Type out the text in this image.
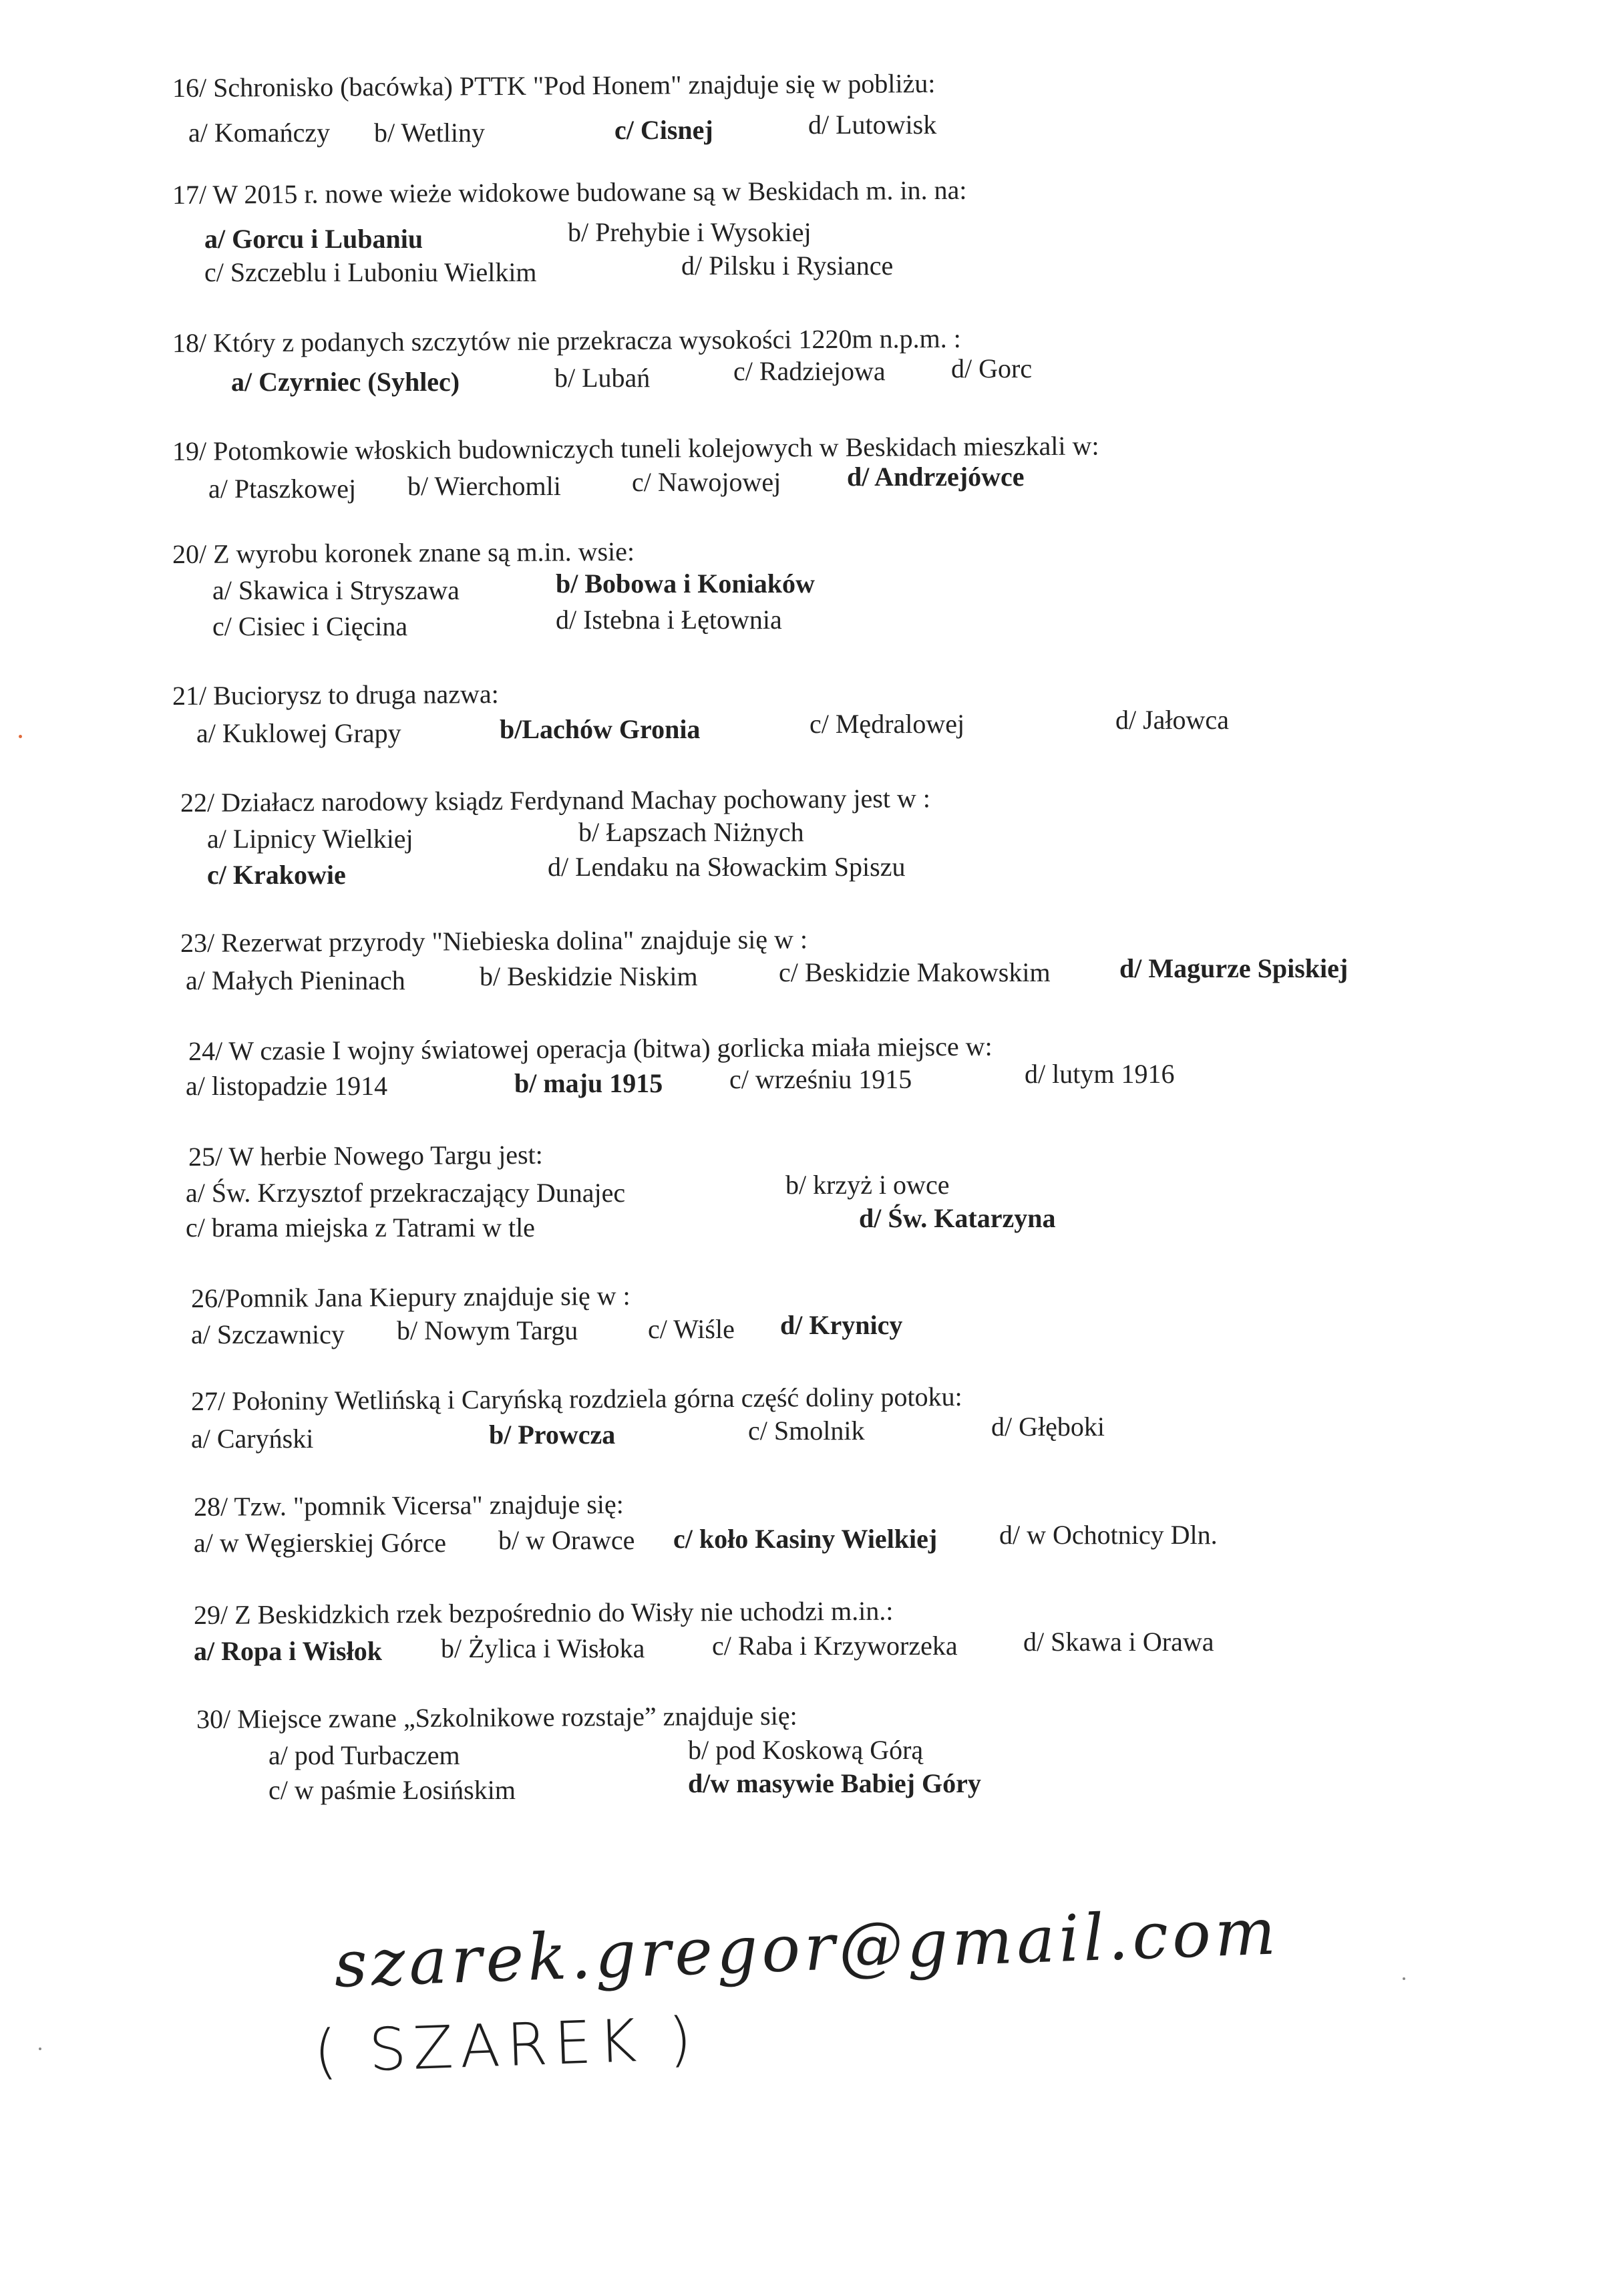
16/ Schronisko (bacówka) PTTK "Pod Honem" znajduje się w pobliżu:
a/ Komańczy b/ Wetliny	c/ Cisnej	d/ Lutowisk
17/ W 2015 r. nowe wieże widokowe budowane są w Beskidach m. in. na:
a/ Gorcu i Lubaniu	b/ Prehybie i Wysokiej
c/ Szczeblu i Luboniu Wielkim	d/ Pilsku i Rysiance
18/ Który z podanych szczytów nie przekracza wysokości 1220m n.p.m. :
a/ Czyrniec (Syhlec)	b/ Lubań	c/ Radziejowa d/ Gorc
19/ Potomkowie włoskich budowniczych tuneli kolejowych w Beskidach mieszkali w:
a/ Ptaszkowej b/ Wierchomli	c/ Nawojowej d/ Andrzejówce
20/ Z wyrobu koronek znane są m.in. wsie:
a/ Skawica i Stryszawa	b/ Bobowa i Koniaków
c/ Cisiec i Cięcina	d/ Istebna i Łętownia
21/ Buciorysz to druga nazwa:
a/ Kuklowej Grapy	b/Lachów Gronia	c/ Mędralowej	d/ Jałowca
22/ Działacz narodowy ksiądz Ferdynand Machay pochowany jest w :
a/ Lipnicy Wielkiej	b/ Łapszach Niżnych
c/ Krakowie	d/ Lendaku na Słowackim Spiszu
23/ Rezerwat przyrody "Niebieska dolina" znajduje się w :
a/ Małych Pieninach	b/ Beskidzie Niskim	c/ Beskidzie Makowskim	d/ Magurze Spiskiej
24/ W czasie I wojny światowej operacja (bitwa) gorlicka miała miejsce w:
a/ listopadzie 1914	b/ maju 1915 c/ wrześniu 1915	d/ lutym 1916
25/ W herbie Nowego Targu jest:
a/ Św. Krzysztof przekraczający Dunajec	b/ krzyż i owce
c/ brama miejska z Tatrami w tle	d/ Św. Katarzyna
26/Pomnik Jana Kiepury znajduje się w :
a/ Szczawnicy b/ Nowym Targu	c/ Wiśle d/ Krynicy
27/ Połoniny Wetlińską i Caryńską rozdziela górna część doliny potoku:
a/ Caryński	b/ Prowcza	c/ Smolnik	d/ Głęboki
28/ Tzw. "pomnik Vicersa" znajduje się:
a/ w Węgierskiej Górce b/ w Orawce c/ koło Kasiny Wielkiej d/ w Ochotnicy Dln.
29/ Z Beskidzkich rzek bezpośrednio do Wisły nie uchodzi m.in.:
a/ Ropa i Wisłok b/ Żylica i Wisłoka	c/ Raba i Krzyworzeka d/ Skawa i Orawa
30/ Miejsce zwane „Szkolnikowe rozstaje” znajduje się:
a/ pod Turbaczem	b/ pod Koskową Górą
c/ w paśmie Łosińskim	d/w masywie Babiej Góry
szarek.gregor@gmail.com
( SZAREK )
